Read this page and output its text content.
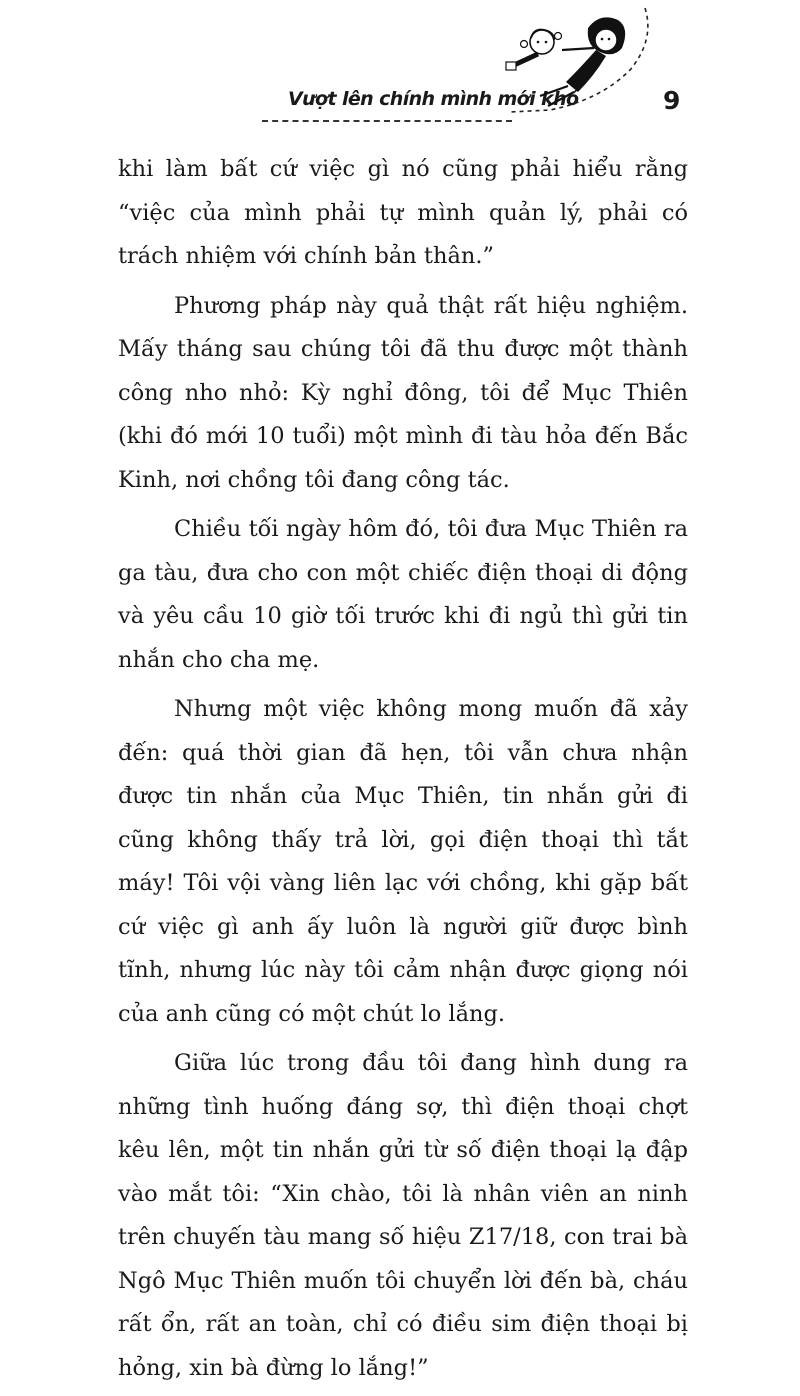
Vượt lên chính mình mới khó	9

khi làm bất cứ việc gì nó cũng phải hiểu rằng “việc của mình phải tự mình quản lý, phải có trách nhiệm với chính bản thân.”

Phương pháp này quả thật rất hiệu nghiệm. Mấy tháng sau chúng tôi đã thu được một thành công nho nhỏ: Kỳ nghỉ đông, tôi để Mục Thiên (khi đó mới 10 tuổi) một mình đi tàu hỏa đến Bắc Kinh, nơi chồng tôi đang công tác.

Chiều tối ngày hôm đó, tôi đưa Mục Thiên ra ga tàu, đưa cho con một chiếc điện thoại di động và yêu cầu 10 giờ tối trước khi đi ngủ thì gửi tin nhắn cho cha mẹ.

Nhưng một việc không mong muốn đã xảy đến: quá thời gian đã hẹn, tôi vẫn chưa nhận được tin nhắn của Mục Thiên, tin nhắn gửi đi cũng không thấy trả lời, gọi điện thoại thì tắt máy! Tôi vội vàng liên lạc với chồng, khi gặp bất cứ việc gì anh ấy luôn là người giữ được bình tĩnh, nhưng lúc này tôi cảm nhận được giọng nói của anh cũng có một chút lo lắng.

Giữa lúc trong đầu tôi đang hình dung ra những tình huống đáng sợ, thì điện thoại chợt kêu lên, một tin nhắn gửi từ số điện thoại lạ đập vào mắt tôi: “Xin chào, tôi là nhân viên an ninh trên chuyến tàu mang số hiệu Z17/18, con trai bà Ngô Mục Thiên muốn tôi chuyển lời đến bà, cháu rất ổn, rất an toàn, chỉ có điều sim điện thoại bị hỏng, xin bà đừng lo lắng!”
